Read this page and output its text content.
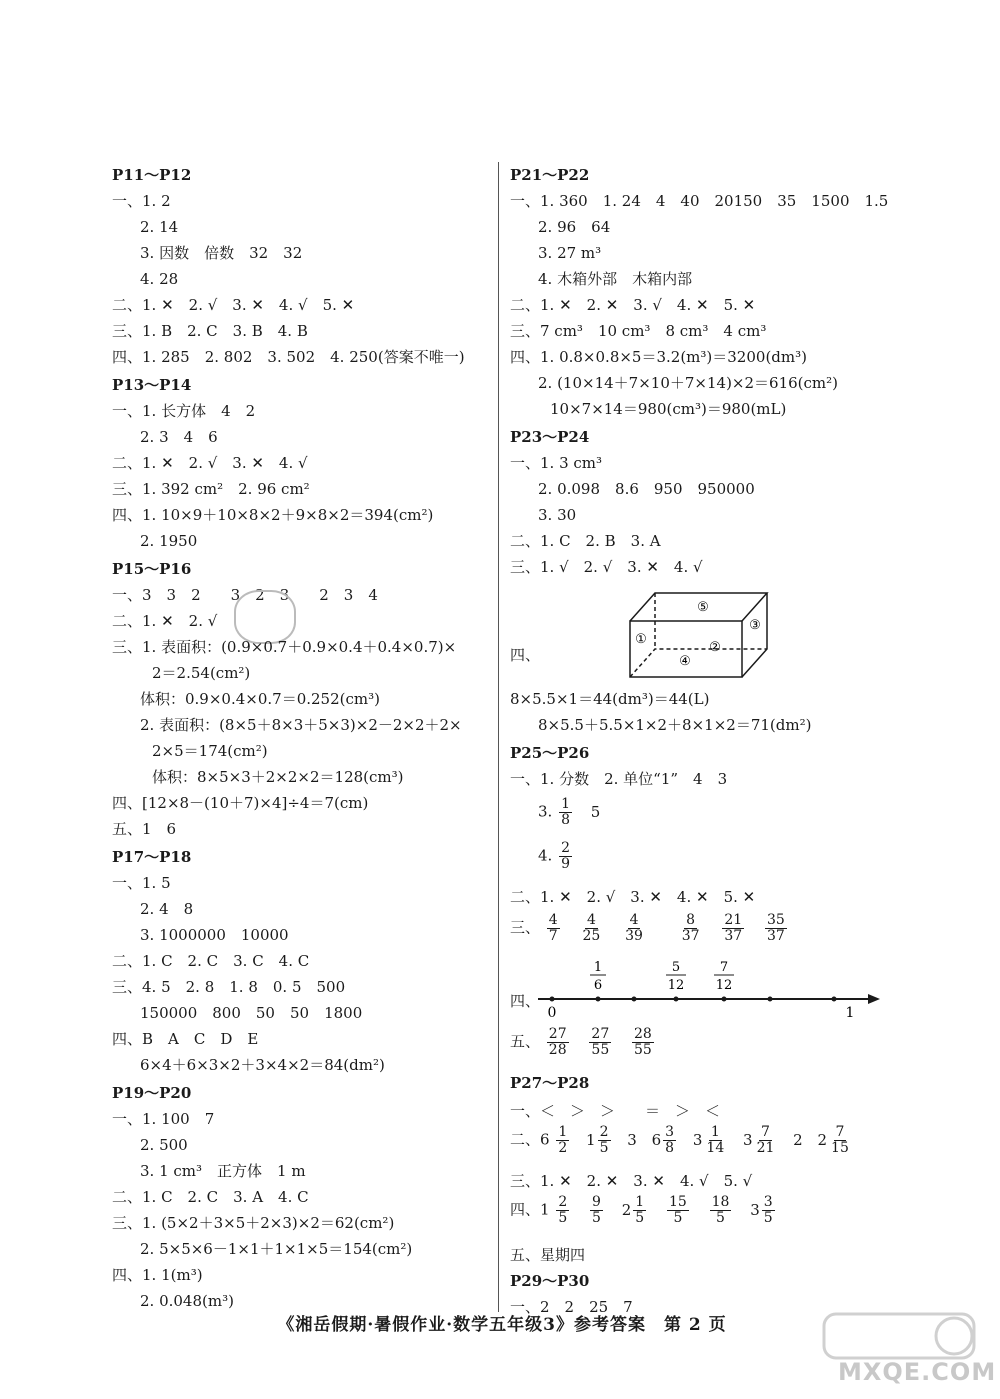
P11～P12
一、1. 2
2. 14
3. 因数　倍数　32　32
4. 28
二、1. ✕　2. √　3. ✕　4. √　5. ✕
三、1. B　2. C　3. B　4. B
四、1. 285　2. 802　3. 502　4. 250(答案不唯一)
P13～P14
一、1. 长方体　4　2
2. 3　4　6
二、1. ✕　2. √　3. ✕　4. √
三、1. 392 cm²　2. 96 cm²
四、1. 10×9＋10×8×2＋9×8×2＝394(cm²)
2. 1950
P15～P16
一、3　3　2　　3　2　3　　2　3　4
二、1. ✕　2. √
三、1. 表面积：(0.9×0.7＋0.9×0.4＋0.4×0.7)×
2＝2.54(cm²)
体积：0.9×0.4×0.7＝0.252(cm³)
2. 表面积：(8×5＋8×3＋5×3)×2－2×2＋2×
2×5＝174(cm²)
体积：8×5×3＋2×2×2＝128(cm³)
四、[12×8－(10＋7)×4]÷4＝7(cm)
五、1　6
P17～P18
一、1. 5
2. 4　8
3. 1000000　10000
二、1. C　2. C　3. C　4. C
三、4. 5　2. 8　1. 8　0. 5　500
150000　800　50　50　1800
四、B　A　C　D　E
6×4＋6×3×2＋3×4×2＝84(dm²)
P19～P20
一、1. 100　7
2. 500
3. 1 cm³　正方体　1 m
二、1. C　2. C　3. A　4. C
三、1. (5×2＋3×5＋2×3)×2＝62(cm²)
2. 5×5×6－1×1＋1×1×5＝154(cm²)
四、1. 1(m³)
2. 0.048(m³)
P21～P22
一、1. 360　1. 24　4　40　20150　35　1500　1.5
2. 96　64
3. 27 m³
4. 木箱外部　木箱内部
二、1. ✕　2. ✕　3. √　4. ✕　5. ✕
三、7 cm³　10 cm³　8 cm³　4 cm³
四、1. 0.8×0.8×5＝3.2(m³)＝3200(dm³)
2. (10×14＋7×10＋7×14)×2＝616(cm²)
10×7×14＝980(cm³)＝980(mL)
P23～P24
一、1. 3 cm³
2. 0.098　8.6　950　950000
3. 30
二、1. C　2. B　3. A
三、1. √　2. √　3. ✕　4. √
四、
⑤
①
③
②
④
8×5.5×1＝44(dm³)＝44(L)
8×5.5＋5.5×1×2＋8×1×2＝71(dm²)
P25～P26
一、1. 分数　2. 单位“1”　4　3
3. $\frac{1}{8} 5$
4. $\frac{2}{9}$
二、1. ✕　2. √　3. ✕　4. ✕　5. ✕
三、 $\frac{4}{7}$
$\frac{4}{25}$
$\frac{4}{39}$
$\frac{8}{37}$
$\frac{21}{37}$
$\frac{35}{37}$
四、
0	1
1
6
5
12
7
12
五、 $\frac{27}{28}$
$\frac{27}{55}$
$\frac{28}{55}$
P27～P28
一、＜　＞　＞　　＝　＞　＜
二、$6 \frac{1}{2} 1 \frac{2}{5} 3$ $6 \frac{3}{8} 3 \frac{1}{14} 3 \frac{7}{21} 2$ $2 \frac{7}{15}$
三、1. ✕　2. ✕　3. ✕　4. √　5. √
四、$1 \frac{2}{5}$
$\frac{9}{5} 2 \frac{1}{5}$
$\frac{15}{5}$
$\frac{18}{5} 3 \frac{3}{5}$
五、星期四
P29～P30
一、2　2　25　7
《湘岳假期·暑假作业·数学五年级3》参考答案　第 2 页
MXQE.COM
